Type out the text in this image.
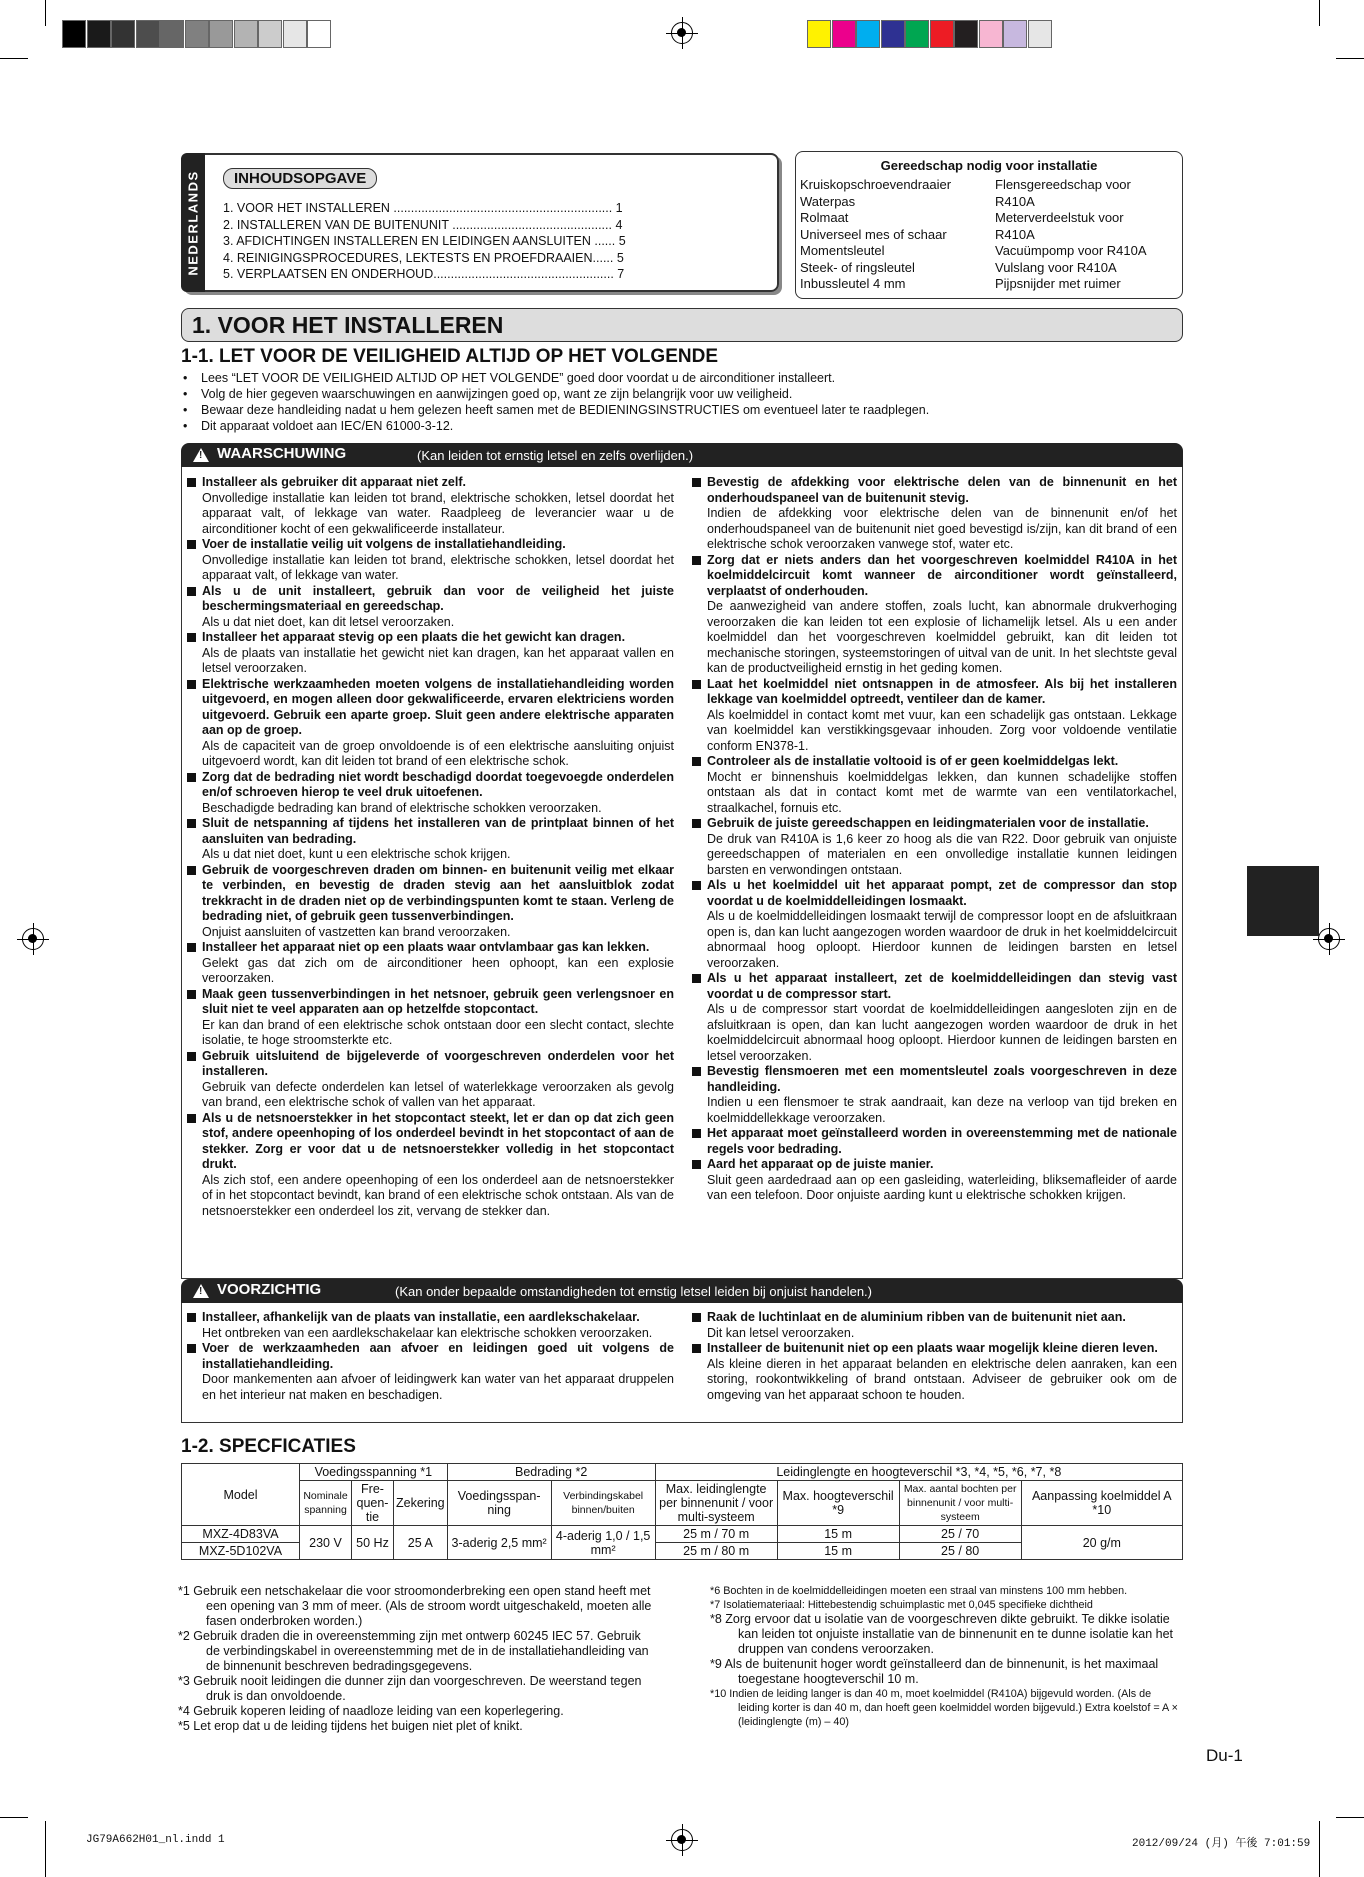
NEDERLANDS	INHOUDSOPGAVE
1. VOOR HET INSTALLEREN ............................................................... 1
2. INSTALLEREN VAN DE BUITENUNIT .............................................. 4
3. AFDICHTINGEN INSTALLEREN EN LEIDINGEN AANSLUITEN ...... 5
4. REINIGINGSPROCEDURES, LEKTESTS EN PROEFDRAAIEN...... 5
5. VERPLAATSEN EN ONDERHOUD.................................................... 7
Gereedschap nodig voor installatie
Kruiskopschroevendraaier
Waterpas
Rolmaat
Universeel mes of schaar
Momentsleutel
Steek- of ringsleutel
Inbussleutel 4 mm
Flensgereedschap voor
R410A
Meterverdeelstuk voor
R410A
Vacuümpomp voor R410A
Vulslang voor R410A
Pijpsnijder met ruimer
1. VOOR HET INSTALLEREN
1-1. LET VOOR DE VEILIGHEID ALTIJD OP HET VOLGENDE
• Lees “LET VOOR DE VEILIGHEID ALTIJD OP HET VOLGENDE” goed door voordat u de airconditioner installeert.
• Volg de hier gegeven waarschuwingen en aanwijzingen goed op, want ze zijn belangrijk voor uw veiligheid.
• Bewaar deze handleiding nadat u hem gelezen heeft samen met de BEDIENINGSINSTRUCTIES om eventueel later te raadplegen.
• Dit apparaat voldoet aan IEC/EN 61000-3-12.
!
WAARSCHUWING	(Kan leiden tot ernstig letsel en zelfs overlijden.)
Installeer als gebruiker dit apparaat niet zelf.
Onvolledige installatie kan leiden tot brand, elektrische schokken, letsel doordat het apparaat valt, of lekkage van water. Raadpleeg de leverancier waar u de airconditioner kocht of een gekwalificeerde installateur.
Voer de installatie veilig uit volgens de installatiehandleiding.
Onvolledige installatie kan leiden tot brand, elektrische schokken, letsel doordat het apparaat valt, of lekkage van water.
Als u de unit installeert, gebruik dan voor de veiligheid het juiste beschermingsmateriaal en gereedschap.
Als u dat niet doet, kan dit letsel veroorzaken.
Installeer het apparaat stevig op een plaats die het gewicht kan dragen.
Als de plaats van installatie het gewicht niet kan dragen, kan het apparaat vallen en letsel veroorzaken.
Elektrische werkzaamheden moeten volgens de installatiehandleiding worden uitgevoerd, en mogen alleen door gekwalificeerde, ervaren elektriciens worden uitgevoerd. Gebruik een aparte groep. Sluit geen andere elektrische apparaten aan op de groep.
Als de capaciteit van de groep onvoldoende is of een elektrische aansluiting onjuist uitgevoerd wordt, kan dit leiden tot brand of een elektrische schok.
Zorg dat de bedrading niet wordt beschadigd doordat toegevoegde onderdelen en/of schroeven hierop te veel druk uitoefenen.
Beschadigde bedrading kan brand of elektrische schokken veroorzaken.
Sluit de netspanning af tijdens het installeren van de printplaat binnen of het aansluiten van bedrading.
Als u dat niet doet, kunt u een elektrische schok krijgen.
Gebruik de voorgeschreven draden om binnen- en buitenunit veilig met elkaar te verbinden, en bevestig de draden stevig aan het aansluitblok zodat trekkracht in de draden niet op de verbindingspunten komt te staan. Verleng de bedrading niet, of gebruik geen tussenverbindingen.
Onjuist aansluiten of vastzetten kan brand veroorzaken.
Installeer het apparaat niet op een plaats waar ontvlambaar gas kan lekken.
Gelekt gas dat zich om de airconditioner heen ophoopt, kan een explosie veroorzaken.
Maak geen tussenverbindingen in het netsnoer, gebruik geen verlengsnoer en sluit niet te veel apparaten aan op hetzelfde stopcontact.
Er kan dan brand of een elektrische schok ontstaan door een slecht contact, slechte isolatie, te hoge stroomsterkte etc.
Gebruik uitsluitend de bijgeleverde of voorgeschreven onderdelen voor het installeren.
Gebruik van defecte onderdelen kan letsel of waterlekkage veroorzaken als gevolg van brand, een elektrische schok of vallen van het apparaat.
Als u de netsnoerstekker in het stopcontact steekt, let er dan op dat zich geen stof, andere opeenhoping of los onderdeel bevindt in het stopcontact of aan de stekker. Zorg er voor dat u de netsnoerstekker volledig in het stopcontact drukt.
Als zich stof, een andere opeenhoping of een los onderdeel aan de netsnoerstekker of in het stopcontact bevindt, kan brand of een elektrische schok ontstaan. Als van de netsnoerstekker een onderdeel los zit, vervang de stekker dan.
Bevestig de afdekking voor elektrische delen van de binnenunit en het onderhoudspaneel van de buitenunit stevig.
Indien de afdekking voor elektrische delen van de binnenunit en/of het onderhoudspaneel van de buitenunit niet goed bevestigd is/zijn, kan dit brand of een elektrische schok veroorzaken vanwege stof, water etc.
Zorg dat er niets anders dan het voorgeschreven koelmiddel R410A in het koelmiddelcircuit komt wanneer de airconditioner wordt geïnstalleerd, verplaatst of onderhouden.
De aanwezigheid van andere stoffen, zoals lucht, kan abnormale drukverhoging veroorzaken die kan leiden tot een explosie of lichamelijk letsel. Als u een ander koelmiddel dan het voorgeschreven koelmiddel gebruikt, kan dit leiden tot mechanische storingen, systeemstoringen of uitval van de unit. In het slechtste geval kan de productveiligheid ernstig in het geding komen.
Laat het koelmiddel niet ontsnappen in de atmosfeer. Als bij het installeren lekkage van koelmiddel optreedt, ventileer dan de kamer.
Als koelmiddel in contact komt met vuur, kan een schadelijk gas ontstaan. Lekkage van koelmiddel kan verstikkingsgevaar inhouden. Zorg voor voldoende ventilatie conform EN378-1.
Controleer als de installatie voltooid is of er geen koelmiddelgas lekt.
Mocht er binnenshuis koelmiddelgas lekken, dan kunnen schadelijke stoffen ontstaan als dat in contact komt met de warmte van een ventilatorkachel, straalkachel, fornuis etc.
Gebruik de juiste gereedschappen en leidingmaterialen voor de installatie.
De druk van R410A is 1,6 keer zo hoog als die van R22. Door gebruik van onjuiste gereedschappen of materialen en een onvolledige installatie kunnen leidingen barsten en verwondingen ontstaan.
Als u het koelmiddel uit het apparaat pompt, zet de compressor dan stop voordat u de koelmiddelleidingen losmaakt.
Als u de koelmiddelleidingen losmaakt terwijl de compressor loopt en de afsluitkraan open is, dan kan lucht aangezogen worden waardoor de druk in het koelmiddelcircuit abnormaal hoog oploopt. Hierdoor kunnen de leidingen barsten en letsel veroorzaken.
Als u het apparaat installeert, zet de koelmiddelleidingen dan stevig vast voordat u de compressor start.
Als u de compressor start voordat de koelmiddelleidingen aangesloten zijn en de afsluitkraan is open, dan kan lucht aangezogen worden waardoor de druk in het koelmiddelcircuit abnormaal hoog oploopt. Hierdoor kunnen de leidingen barsten en letsel veroorzaken.
Bevestig flensmoeren met een momentsleutel zoals voorgeschreven in deze handleiding.
Indien u een flensmoer te strak aandraait, kan deze na verloop van tijd breken en koelmiddellekkage veroorzaken.
Het apparaat moet geïnstalleerd worden in overeenstemming met de nationale regels voor bedrading.
Aard het apparaat op de juiste manier.
Sluit geen aardedraad aan op een gasleiding, waterleiding, bliksemafleider of aarde van een telefoon. Door onjuiste aarding kunt u elektrische schokken krijgen.
!
VOORZICHTIG	(Kan onder bepaalde omstandigheden tot ernstig letsel leiden bij onjuist handelen.)
Installeer, afhankelijk van de plaats van installatie, een aardlekschakelaar.
Het ontbreken van een aardlekschakelaar kan elektrische schokken veroorzaken.
Voer de werkzaamheden aan afvoer en leidingen goed uit volgens de installatiehandleiding.
Door mankementen aan afvoer of leidingwerk kan water van het apparaat druppelen en het interieur nat maken en beschadigen.
Raak de luchtinlaat en de aluminium ribben van de buitenunit niet aan.
Dit kan letsel veroorzaken.
Installeer de buitenunit niet op een plaats waar mogelijk kleine dieren leven.
Als kleine dieren in het apparaat belanden en elektrische delen aanraken, kan een storing, rookontwikkeling of brand ontstaan. Adviseer de gebruiker ook om de omgeving van het apparaat schoon te houden.
1-2. SPECFICATIES
Model	Voedingsspanning *1			Bedrading *2		Leidinglengte en hoogteverschil *3, *4, *5, *6, *7, *8			
	Nominale spanning	Fre-quen-tie	Zekering	Voedingsspan-ning	Verbindingskabel binnen/buiten	Max. leidinglengte per binnenunit / voor multi-systeem	Max. hoogteverschil *9	Max. aantal bochten per binnenunit / voor multi-systeem	Aanpassing koelmiddel A *10
MXZ-4D83VA	230 V	50 Hz	25 A	3-aderig 2,5 mm²	4-aderig 1,0 / 1,5 mm²	25 m / 70 m	15 m	25 / 70	20 g/m
MXZ-5D102VA						25 m / 80 m	15 m	25 / 80	
*1 Gebruik een netschakelaar die voor stroomonderbreking een open stand heeft met een opening van 3 mm of meer. (Als de stroom wordt uitgeschakeld, moeten alle fasen onderbroken worden.)
*2 Gebruik draden die in overeenstemming zijn met ontwerp 60245 IEC 57. Gebruik de verbindingskabel in overeenstemming met de in de installatiehandleiding van de binnenunit beschreven bedradingsgegevens.
*3 Gebruik nooit leidingen die dunner zijn dan voorgeschreven. De weerstand tegen druk is dan onvoldoende.
*4 Gebruik koperen leiding of naadloze leiding van een koperlegering.
*5 Let erop dat u de leiding tijdens het buigen niet plet of knikt.
*6 Bochten in de koelmiddelleidingen moeten een straal van minstens 100 mm hebben.
*7 Isolatiemateriaal: Hittebestendig schuimplastic met 0,045 specifieke dichtheid
*8 Zorg ervoor dat u isolatie van de voorgeschreven dikte gebruikt. Te dikke isolatie kan leiden tot onjuiste installatie van de binnenunit en te dunne isolatie kan het druppen van condens veroorzaken.
*9 Als de buitenunit hoger wordt geïnstalleerd dan de binnenunit, is het maximaal toegestane hoogteverschil 10 m.
*10 Indien de leiding langer is dan 40 m, moet koelmiddel (R410A) bijgevuld worden. (Als de leiding korter is dan 40 m, dan hoeft geen koelmiddel worden bijgevuld.) Extra koelstof = A × (leidinglengte (m) – 40)
Du-1
JG79A662H01_nl.indd 1	2012/09/24 (月) 午後 7:01:59
